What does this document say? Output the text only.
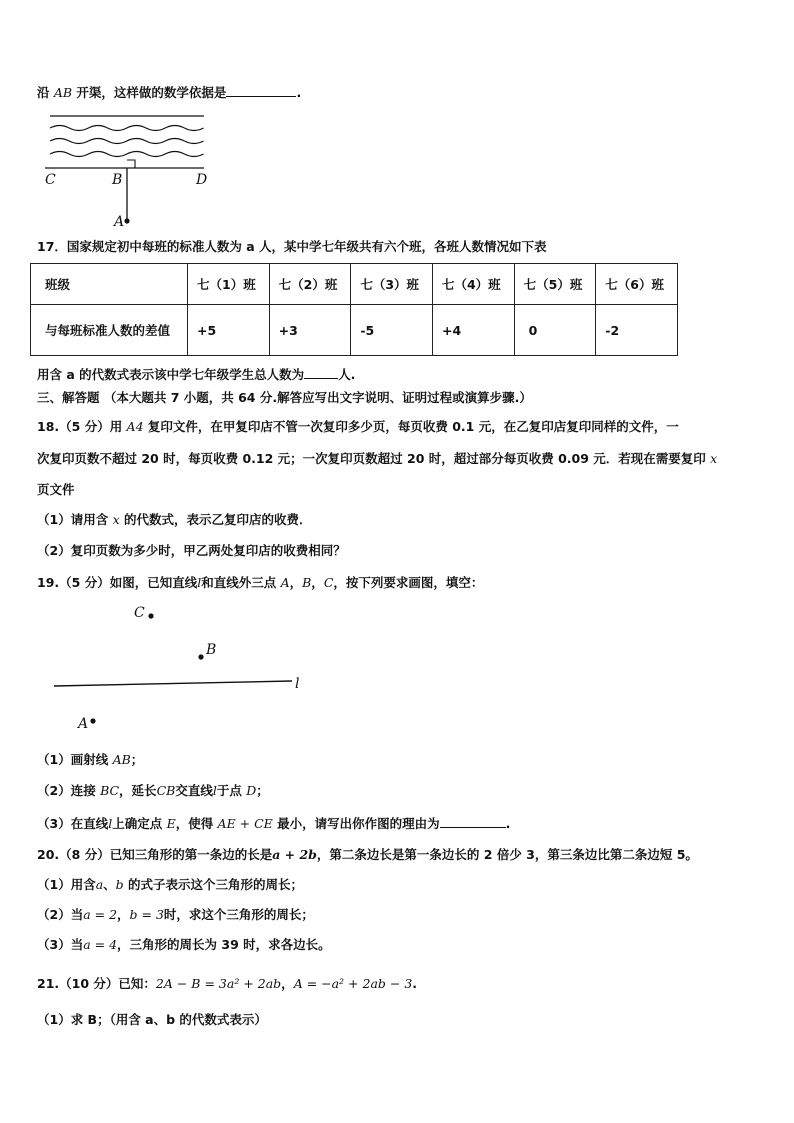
沿 AB 开渠，这样做的数学依据是	.
C	B	D
A
17．国家规定初中每班的标准人数为 a 人，某中学七年级共有六个班，各班人数情况如下表
班级	七（1）班	七（2）班	七（3）班	七（4）班	七（5）班	七（6）班
与每班标准人数的差值	+5	+3	-5	+4	0	-2
用含 a 的代数式表示该中学七年级学生总人数为	人.
三、解答题 （本大题共 7 小题，共 64 分.解答应写出文字说明、证明过程或演算步骤.）
18.（5 分）用 A4 复印文件，在甲复印店不管一次复印多少页，每页收费 0.1 元，在乙复印店复印同样的文件，一
次复印页数不超过 20 时，每页收费 0.12 元；一次复印页数超过 20 时，超过部分每页收费 0.09 元．若现在需要复印 x
页文件
（1）请用含 x 的代数式，表示乙复印店的收费．
（2）复印页数为多少时，甲乙两处复印店的收费相同？
19.（5 分）如图，已知直线l和直线外三点 A，B，C，按下列要求画图，填空：
C
B
l
A
（1）画射线 AB；
（2）连接 BC，延长CB交直线l于点 D；
（3）在直线l上确定点 E，使得 AE + CE 最小，请写出你作图的理由为	.
20.（8 分）已知三角形的第一条边的长是a + 2b，第二条边长是第一条边长的 2 倍少 3，第三条边比第二条边短 5。
（1）用含a、b 的式子表示这个三角形的周长；
（2）当a = 2，b = 3时，求这个三角形的周长；
（3）当a = 4，三角形的周长为 39 时，求各边长。
21.（10 分）已知：2A − B = 3a² + 2ab，A = −a² + 2ab − 3.
（1）求 B；（用含 a、b 的代数式表示）
